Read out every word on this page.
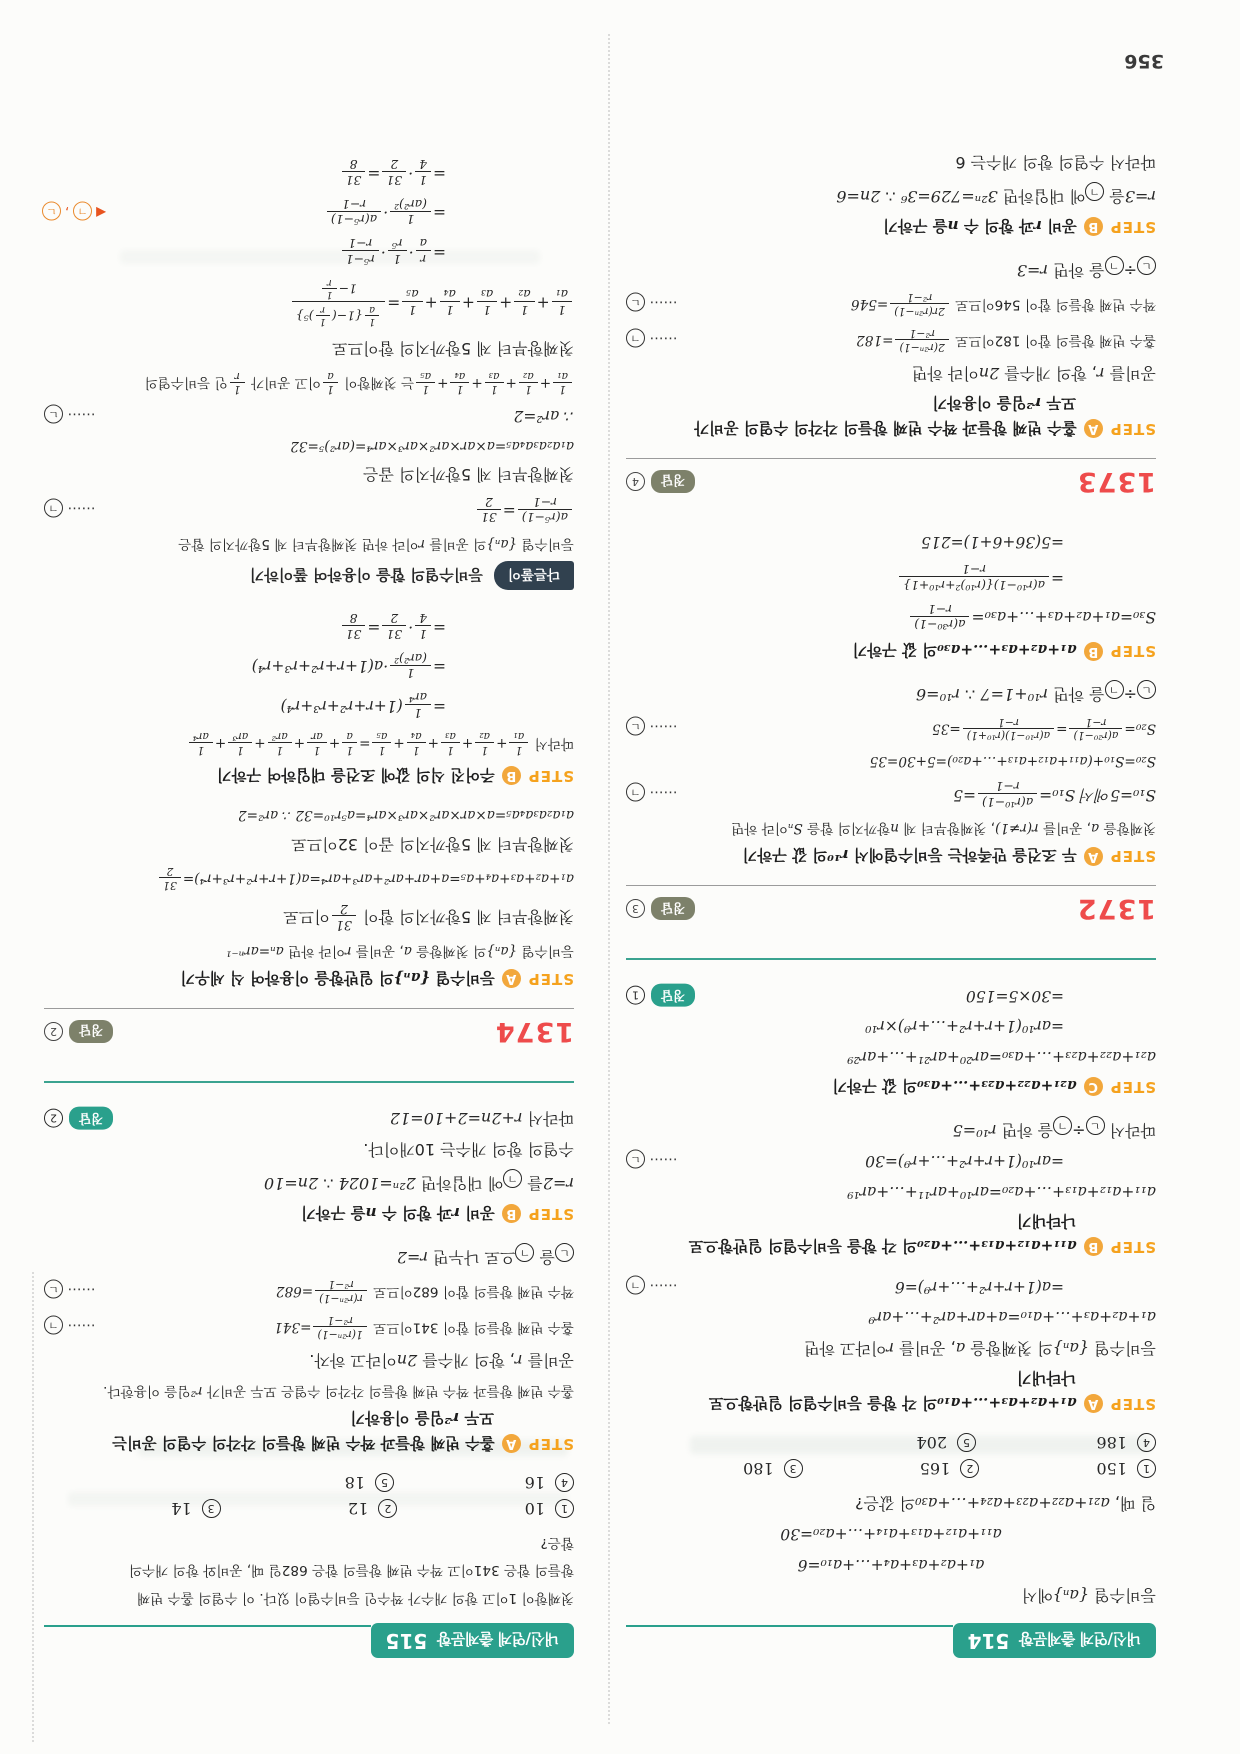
내신/연계 출제문항
514
등비수열 {aₙ}에서
a₁+a₂+a₃+a₄+…+a₁₀=6
a₁₁+a₁₂+a₁₃+a₁₄+…+a₂₀=30
일 때, a₂₁+a₂₂+a₂₃+a₂₄+…+a₃₀의 값은?
1
150
2
165
3
180
4
186
5
204
STEP
A
a₁+a₂+a₃+…+a₁₀의 각 항을 등비수열의 일반항으로
나타내기
등비수열 {aₙ}의 첫째항을 a, 공비를 r이라고 하면
a₁+a₂+a₃+…+a₁₀=a+ar+ar²+…+ar⁹
=a(1+r+r²+…+r⁹)=6
…… ㄱ
STEP
B
a₁₁+a₁₂+a₁₃+…+a₂₀의 각 항을 등비수열의 일반항으로
나타내기
a₁₁+a₁₂+a₁₃+…+a₂₀=ar¹⁰+ar¹¹+…+ar¹⁹
=ar¹⁰(1+r+r²+…+r⁹)=30
…… ㄴ
따라서 ㄴ÷ㄱ을 하면 r¹⁰=5
STEP
C
a₂₁+a₂₂+a₂₃+…+a₃₀의 값 구하기
a₂₁+a₂₂+a₂₃+…+a₃₀=ar²⁰+ar²¹+…+ar²⁹
=ar¹⁰(1+r+r²+…+r⁹)×r¹⁰
=30×5=150
정답
1
1372
정답
3
STEP
A
두 조건을 만족하는 등비수열에서 r¹⁰의 값 구하기
첫째항을 a, 공비를 r(r≠1), 첫째항부터 제 n항까지의 합을 Sₙ이라 하면
S₁₀=5에서 S₁₀=
a(r¹⁰−1)
r−1
=5
…… ㄱ
S₂₀=S₁₀+(a₁₁+a₁₂+a₁₃+…+a₂₀)=5+30=35
S₂₀=
a(r²⁰−1)
r−1
=
a(r¹⁰−1)(r¹⁰+1)
r−1
=35
…… ㄴ
ㄴ÷ㄱ을 하면 r¹⁰+1=7 ∴ r¹⁰=6
STEP
B
a₁+a₂+a₃+…+a₃₀의 값 구하기
S₃₀=a₁+a₂+a₃+…+a₃₀=
a(r³⁰−1)
r−1
=
a(r¹⁰−1){(r¹⁰)²+r¹⁰+1}
r−1
=5(36+6+1)=215
1373
정답
4
STEP
A
홀수 번째 항들과 짝수 번째 항들의 각각의 수열의 공비가
모두 r²임을 이용하기
공비를 r, 항의 개수를 2n이라 하면
홀수 번째 항들의 합이 182이므로
2(r²ⁿ−1)
r²−1
=182
…… ㄱ
짝수 번째 항들의 합이 546이므로
2r(r²ⁿ−1)
r²−1
=546
…… ㄴ
ㄴ÷ㄱ을 하면 r=3
STEP
B
공비 r과 항의 수 n을 구하기
r=3을 ㄱ에 대입하면 3²ⁿ=729=3⁶ ∴ 2n=6
따라서 수열의 항의 개수는 6
내신/연계 출제문항
515
첫째항이 1이고 항의 개수가 짝수인 등비수열이 있다. 이 수열의 홀수 번째
항들의 합은 341이고 짝수 번째 항들의 합은 682일 때, 공비와 항의 개수의
합은?
1
10
2
12
3
14
4
16
5
18
STEP
A
홀수 번째 항들과 짝수 번째 항들의 각각의 수열의 공비는
모두 r²임을 이용하기
홀수 번째 항들과 짝수 번째 항들의 각각의 수열은 모두 공비가 r²임을 이용한다.
공비를 r, 항의 개수를 2n이라고 하자.
홀수 번째 항들의 합이 341이므로
1(r²ⁿ−1)
r²−1
=341
…… ㄱ
짝수 번째 항들의 합이 682이므로
r(r²ⁿ−1)
r²−1
=682
…… ㄴ
ㄴ을 ㄱ으로 나누면 r=2
STEP
B
공비 r과 항의 수 n을 구하기
r=2를 ㄱ에 대입하면 2²ⁿ=1024 ∴ 2n=10
수열의 항의 개수는 10개이다.
따라서 r+2n=2+10=12
정답
2
1374
정답
2
STEP
A
등비수열 {aₙ}의 일반항을 이용하여 식 세우기
등비수열 {aₙ}의 첫째항을 a, 공비를 r이라 하면 aₙ=arⁿ⁻¹
첫째항부터 제 5항까지의 합이
31
2
이므로
a₁+a₂+a₃+a₄+a₅=a+ar+ar²+ar³+ar⁴=a(1+r+r²+r³+r⁴)=
31
2
첫째항부터 제 5항까지의 곱이 32이므로
a₁a₂a₃a₄a₅=a×ar×ar²×ar³×ar⁴=a⁵r¹⁰=32 ∴ ar²=2
STEP
B
주어진 식의 값에 조건을 대입하여 구하기
따라서
1
a₁
+
1
a₂
+
1
a₃
+
1
a₄
+
1
a₅
=
1
a
+
1
ar
+
1
ar²
+
1
ar³
+
1
ar⁴
=
1
ar⁴
(1+r+r²+r³+r⁴)
=
1
(ar²)²
·a(1+r+r²+r³+r⁴)
=
1
4
·
31
2
=
31
8
다른풀이
등비수열의 합을 이용하여 풀이하기
등비수열 {aₙ}의 공비를 r이라 하면 첫째항부터 제 5항까지의 합은
a(r⁵−1)
r−1
=
31
2
…… ㄱ
첫째항부터 제 5항까지의 곱은
a₁a₂a₃a₄a₅=a×ar×ar²×ar³×ar⁴=(ar²)⁵=32
∴ ar²=2
…… ㄴ
1
a₁
+
1
a₂
+
1
a₃
+
1
a₄
+
1
a₅
는 첫째항이
1
a
이고 공비가
1
r
인 등비수열의
첫째항부터 제 5항까지의 합이므로
1
a₁
+
1
a₂
+
1
a₃
+
1
a₄
+
1
a₅
=
1
a
{1−(
1
r
)⁵}
1−
1
r
=
r
a
·
1
r⁵
·
r⁵−1
r−1
=
1
(ar²)²
·
a(r⁵−1)
r−1
◀
ㄱ
,
ㄴ
=
1
4
·
31
2
=
31
8
356
